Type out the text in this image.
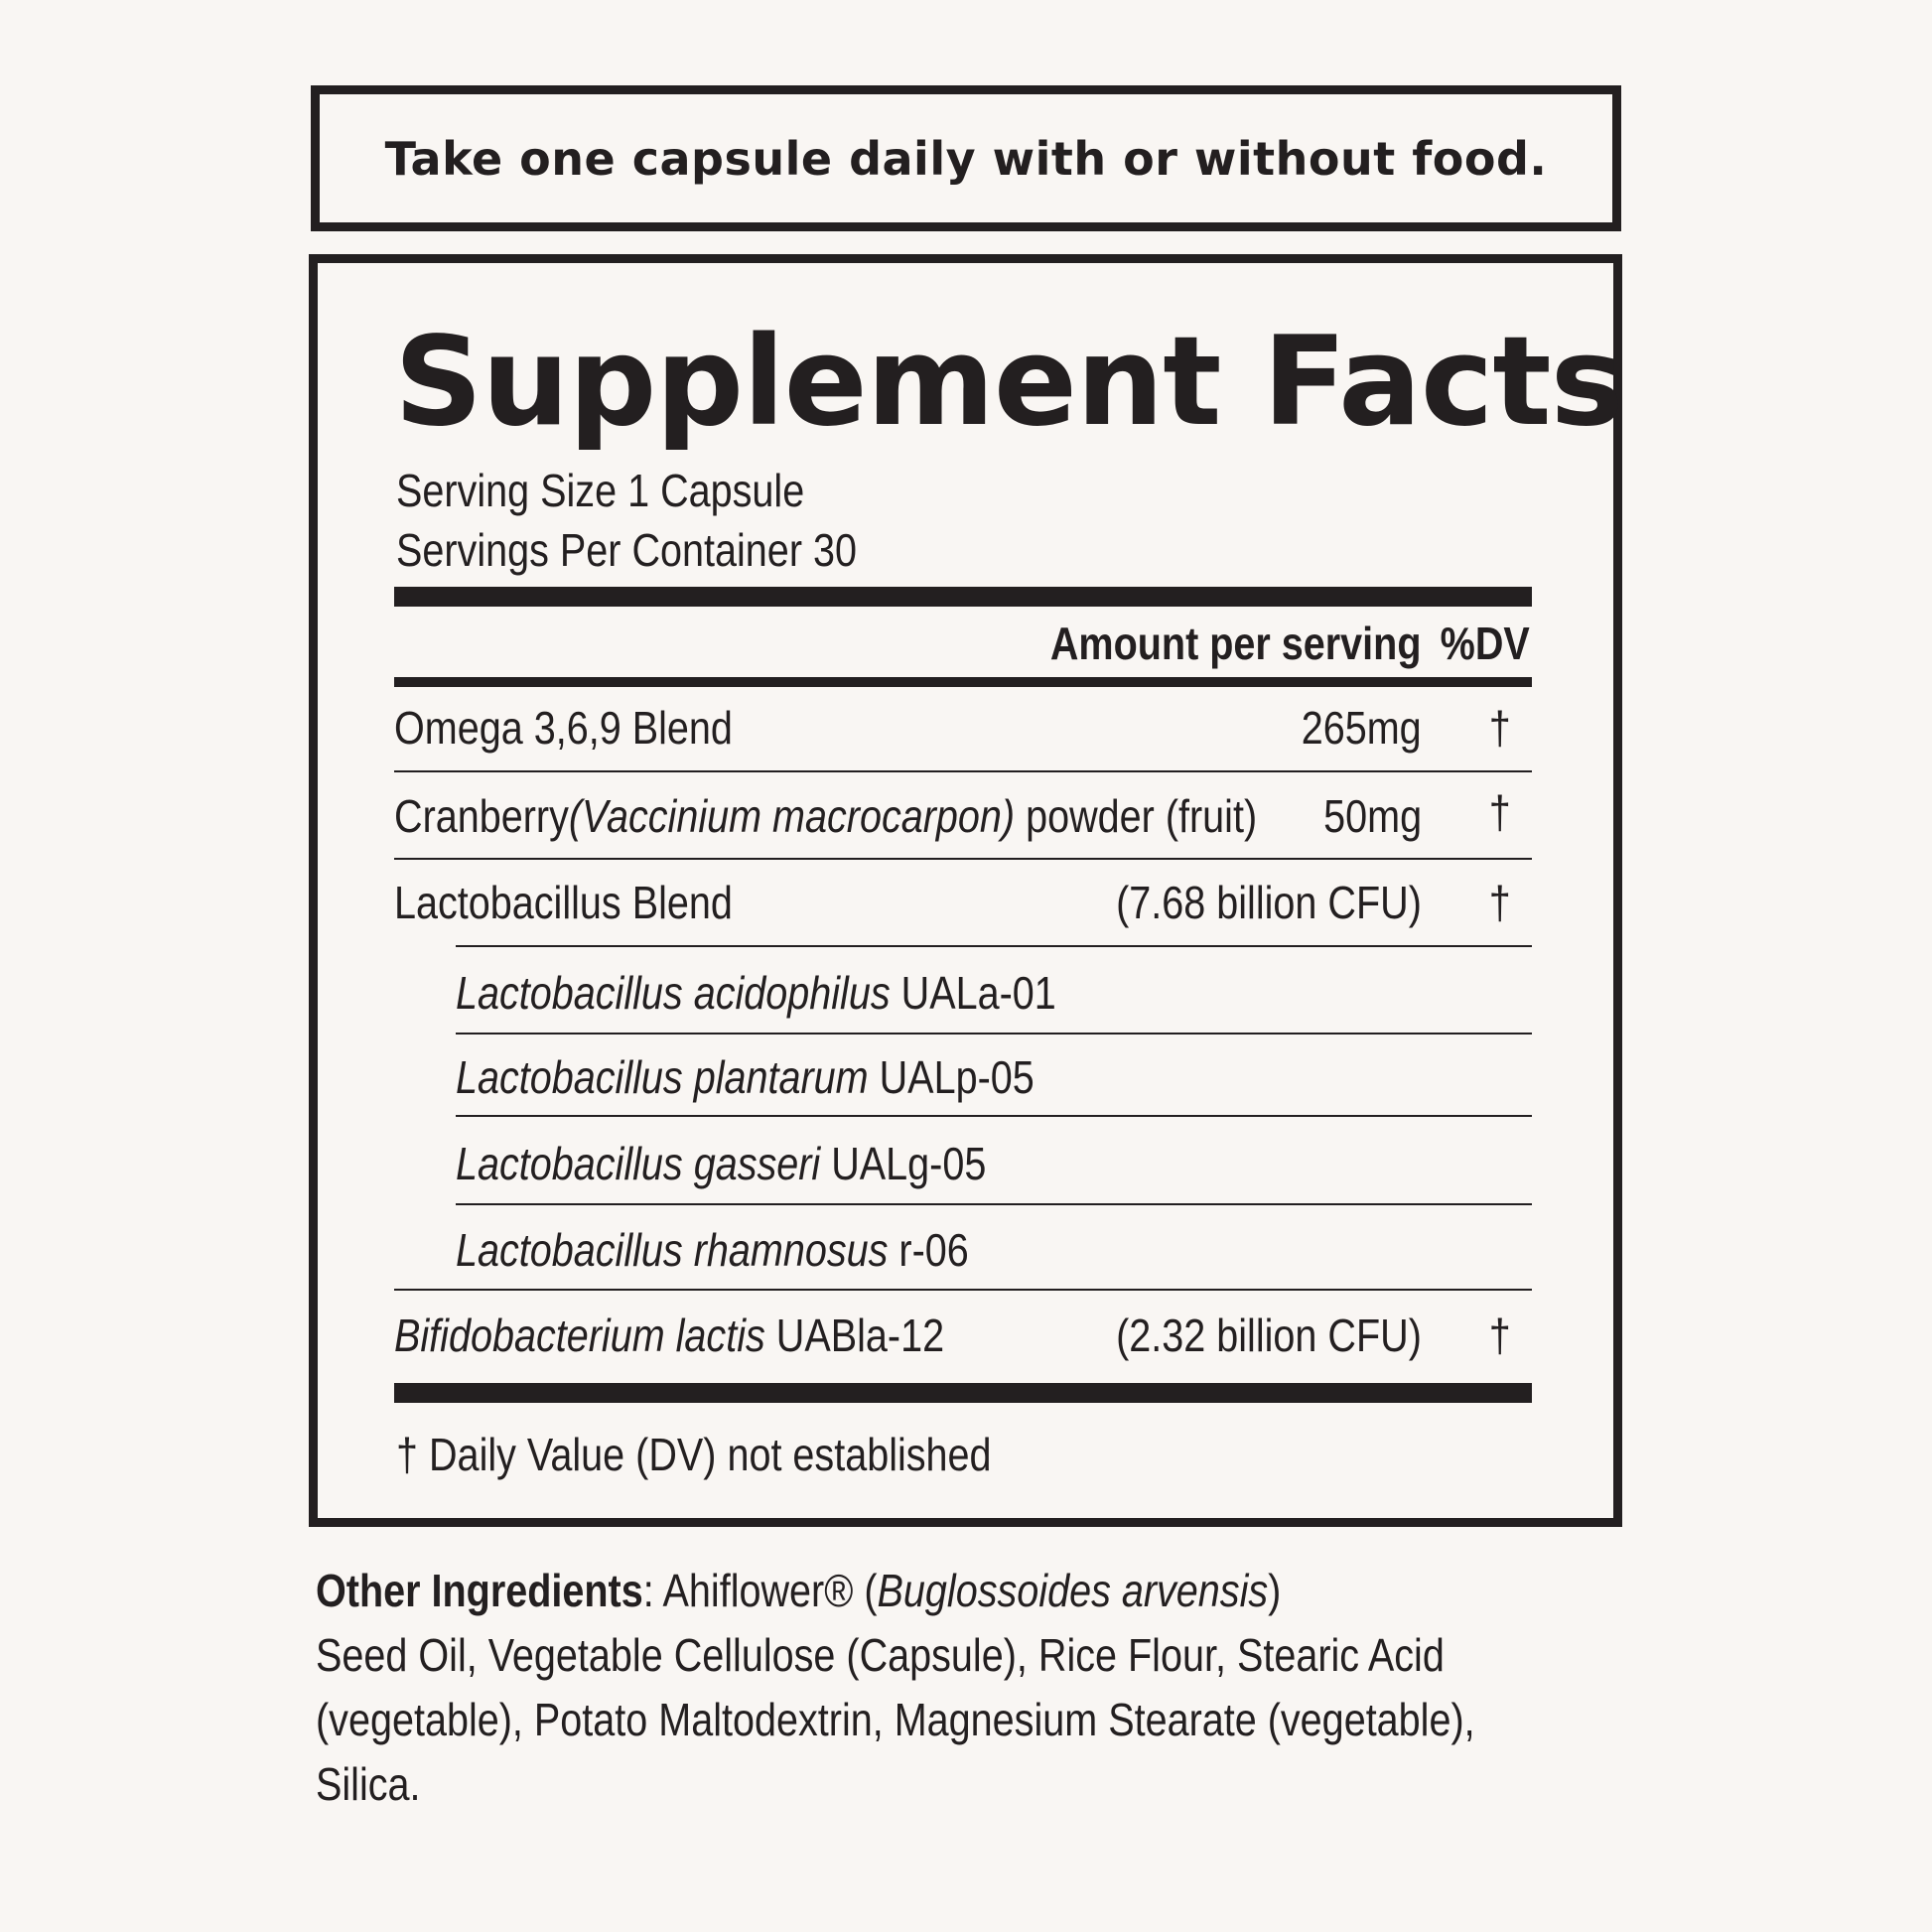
Take one capsule daily with or without food.
Supplement Facts
Serving Size 1 Capsule
Servings Per Container 30
Amount per serving %DV
Omega 3,6,9 Blend	265mg †
Cranberry(Vaccinium macrocarpon) powder (fruit) 50mg †
Lactobacillus Blend	(7.68 billion CFU) †
Lactobacillus acidophilus UALa-01
Lactobacillus plantarum UALp-05
Lactobacillus gasseri UALg-05
Lactobacillus rhamnosus r-06
Bifidobacterium lactis UABla-12	(2.32 billion CFU) †
† Daily Value (DV) not established
Other Ingredients: Ahiflower® (Buglossoides arvensis)
Seed Oil, Vegetable Cellulose (Capsule), Rice Flour, Stearic Acid
(vegetable), Potato Maltodextrin, Magnesium Stearate (vegetable),
Silica.
